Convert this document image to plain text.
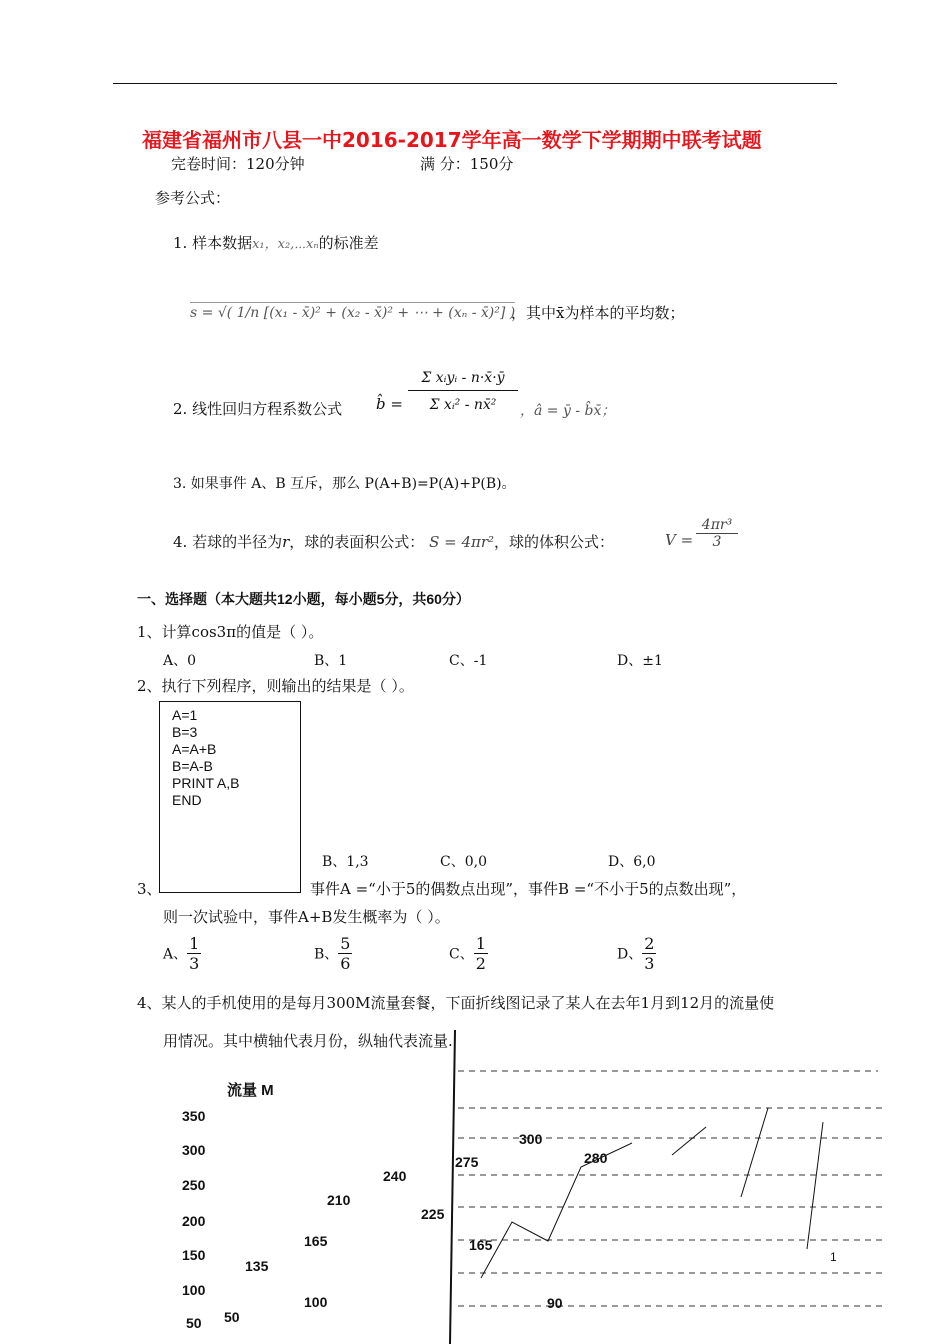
福建省福州市八县一中2016-2017学年高一数学下学期期中联考试题
完卷时间：120分钟	满 分：150分
参考公式：
1. 样本数据x₁，x₂,⋯xₙ的标准差
s = √( 1/n [(x₁ - x̄)² + (x₂ - x̄)² + ⋯ + (xₙ - x̄)²] )
，其中x̄为样本的平均数；
2. 线性回归方程系数公式 b̂ =
Σ xᵢyᵢ - n·x̄·ȳ
Σ xᵢ² - nx̄²	，â = ȳ - b̂x̄；
3. 如果事件 A、B 互斥，那么 P(A+B)=P(A)+P(B)。
4. 若球的半径为r，球的表面积公式： S = 4πr²，球的体积公式：	$V = \frac{\text{4πr³}}{3}$
一、选择题（本大题共12小题，每小题5分，共60分）
1、计算cos3π的值是（ ）。
A、0	B、1	C、-1	D、±1
2、执行下列程序，则输出的结果是（ ）。
A=1
B=3
A=A+B
B=A-B
PRINT A,B
END
B、1,3	C、0,0	D、6,0
3、	事件A =“小于5的偶数点出现”，事件B =“不小于5的点数出现”，
则一次试验中，事件A+B发生概率为（ ）。
A、 $\frac{1}{3}$	B、 $\frac{5}{6}$	C、 $\frac{1}{2}$	D、 $\frac{2}{3}$
4、某人的手机使用的是每月300M流量套餐，下面折线图记录了某人在去年1月到12月的流量使
用情况。其中横轴代表月份，纵轴代表流量.
流量 M
350
300
250
200
150
100
50
135
100
165
210
240
225
275
165
90
300
280
50
1
